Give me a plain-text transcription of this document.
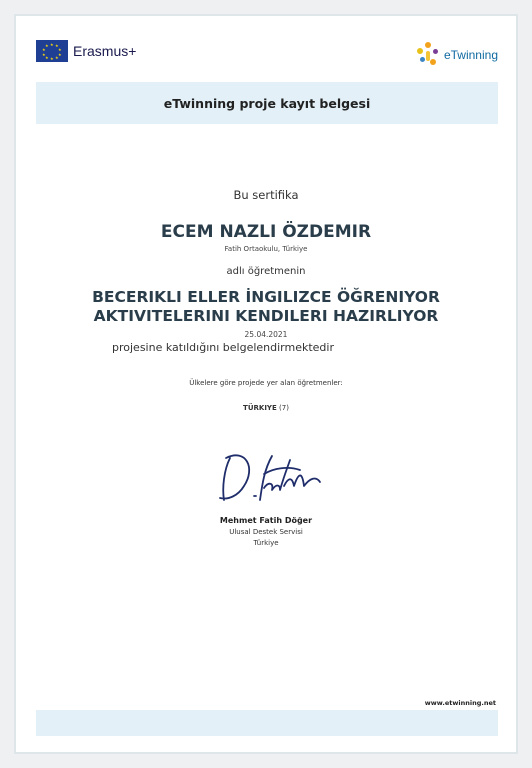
★ ★
★
★
★
★
★
★
★
★ Erasmus+	eTwinning
eTwinning proje kayıt belgesi
Bu sertifika
ECEM NAZLI ÖZDEMIR
Fatih Ortaokulu, Türkiye
adlı öğretmenin
BECERIKLI ELLER İNGILIZCE ÖĞRENIYOR
AKTIVITELERINI KENDILERI HAZIRLIYOR
25.04.2021
projesine katıldığını belgelendirmektedir
Ülkelere göre projede yer alan öğretmenler:
TÜRKIYE (7)
Mehmet Fatih Döğer
Ulusal Destek Servisi
Türkiye
www.etwinning.net
